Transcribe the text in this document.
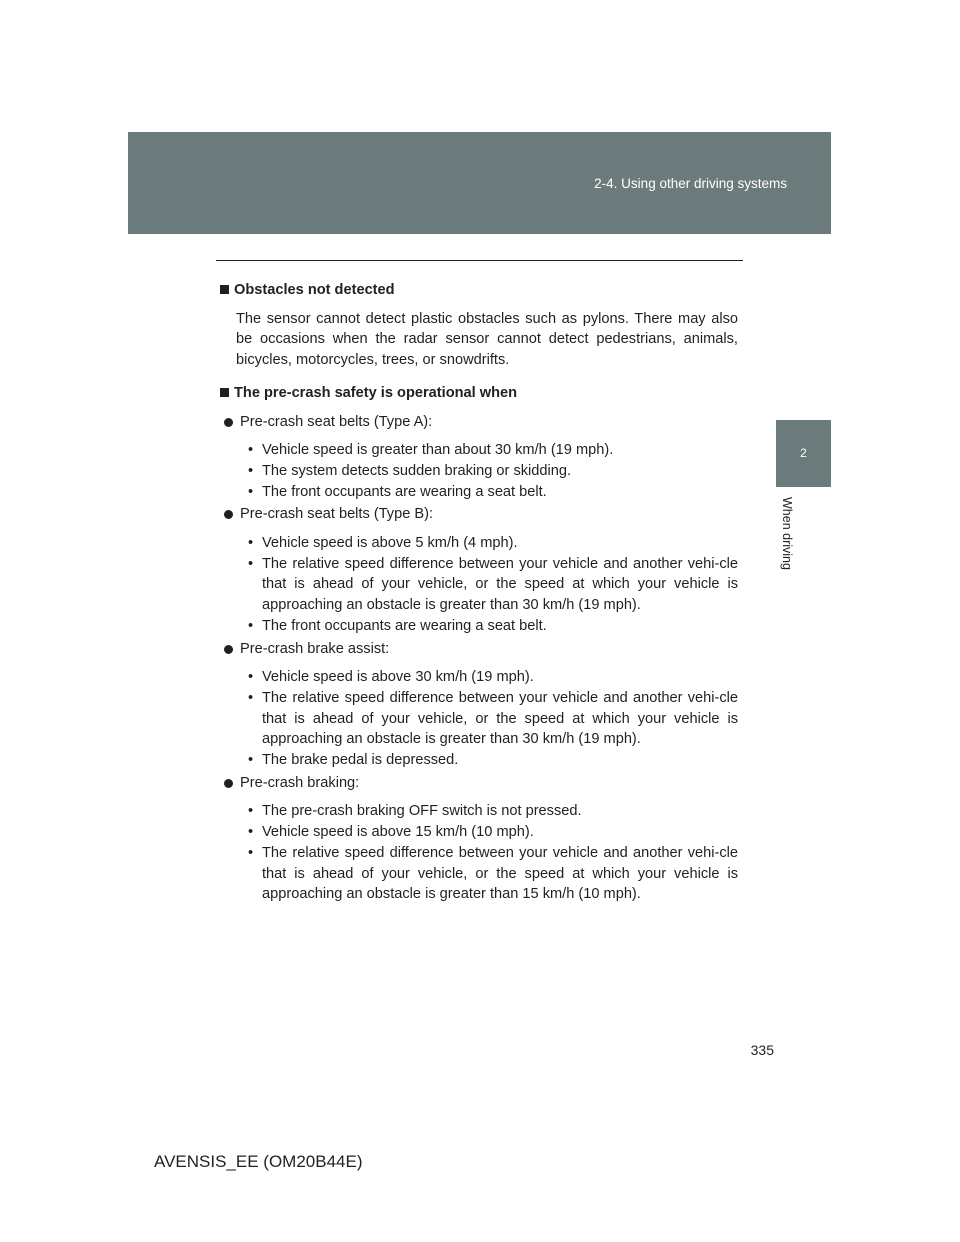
2-4. Using other driving systems
2
When driving
Obstacles not detected
The sensor cannot detect plastic obstacles such as pylons. There may also be occasions when the radar sensor cannot detect pedestrians, animals, bicycles, motorcycles, trees, or snowdrifts.
The pre-crash safety is operational when
Pre-crash seat belts (Type A):
• Vehicle speed is greater than about 30 km/h (19 mph).
• The system detects sudden braking or skidding.
• The front occupants are wearing a seat belt.
Pre-crash seat belts (Type B):
• Vehicle speed is above 5 km/h (4 mph).
• The relative speed difference between your vehicle and another vehi-cle that is ahead of your vehicle, or the speed at which your vehicle is approaching an obstacle is greater than 30 km/h (19 mph).
• The front occupants are wearing a seat belt.
Pre-crash brake assist:
• Vehicle speed is above 30 km/h (19 mph).
• The relative speed difference between your vehicle and another vehi-cle that is ahead of your vehicle, or the speed at which your vehicle is approaching an obstacle is greater than 30 km/h (19 mph).
• The brake pedal is depressed.
Pre-crash braking:
• The pre-crash braking OFF switch is not pressed.
• Vehicle speed is above 15 km/h (10 mph).
• The relative speed difference between your vehicle and another vehi-cle that is ahead of your vehicle, or the speed at which your vehicle is approaching an obstacle is greater than 15 km/h (10 mph).
335
AVENSIS_EE (OM20B44E)
